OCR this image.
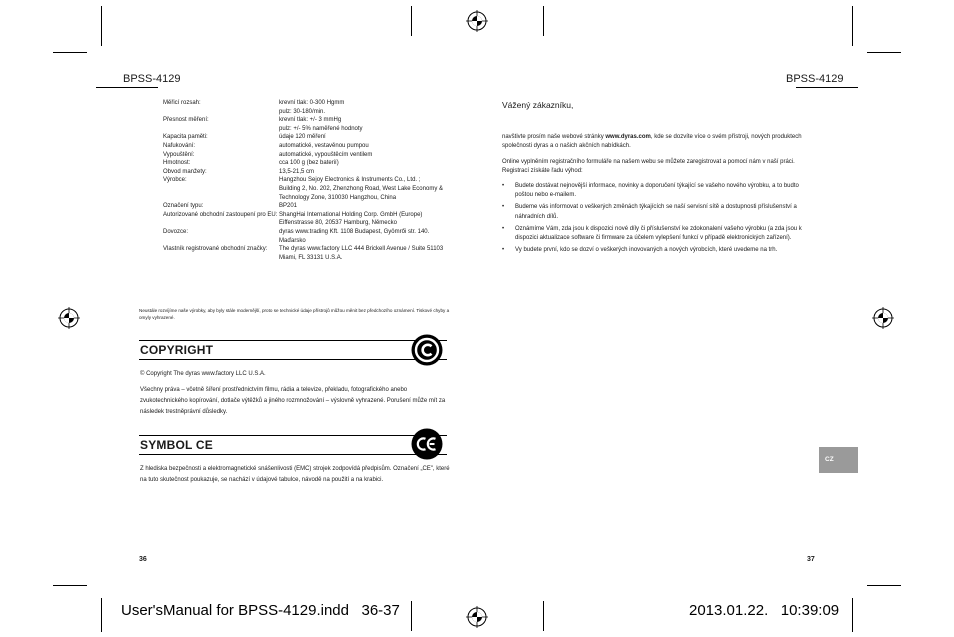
BPSS-4129	BPSS-4129
Měřicí rozsah:	krevní tlak: 0-300 Hgmm
	pulz: 30-180/min.
Přesnost měření:	krevní tlak: +/- 3 mmHg
	pulz: +/- 5% naměřené hodnoty
Kapacita paměti:	údaje 120 měření
Nafukování:	automatické, vestavěnou pumpou
Vypouštění:	automatické, vypouštěcím ventilem
Hmotnost:	cca 100 g (bez baterií)
Obvod manžety:	13,5-21,5 cm
Výrobce:	Hangzhou Sejoy Electronics & Instruments Co., Ltd. ;
	Building 2, No. 202, Zhenzhong Road, West Lake Economy &
	Technology Zone, 310030 Hangzhou, China
Označení typu:	BP201
Autorizované obchodní zastoupení pro EU:	ShangHai International Holding Corp. GmbH (Europe)
	Eiffenstrasse 80, 20537 Hamburg, Německo
Dovozce:	dyras www.trading Kft. 1108 Budapest, Gyömrői str. 140.
	Maďarsko
Vlastník registrované obchodní značky:	The dyras www.factory LLC 444 Brickell Avenue / Suite 51103
	Miami, FL 33131 U.S.A.
Neustále rozvíjíme naše výrobky, aby byly stále modernější, proto se technické údaje přístrojů můžou měnit bez předchozího oznámení. Tiskové chyby a omyly vyhrazené.
COPYRIGHT
© Copyright The dyras www.factory LLC U.S.A.
Všechny práva – včetně šíření prostřednictvím filmu, rádia a televize, překladu, fotografického anebo zvukotechnického kopírování, dotlače výtěžků a jiného rozmnožování – výslovně vyhrazené. Porušení může mít za následek trestněprávní důsledky.
SYMBOL CE
Z hlediska bezpečnosti a elektromagnetické snášenlivosti (EMC) strojek zodpovídá předpisům. Označení „CE", které na tuto skutečnost poukazuje, se nachází v údajové tabulce, návodě na použití a na krabici.
Vážený zákazníku,
navštivte prosím naše webové stránky www.dyras.com, kde se dozvíte více o svém přístroji, nových produktech společnosti dyras a o našich akčních nabídkách.
Online vyplněním registračního formuláře na našem webu se můžete zaregistrovat a pomocí nám v naší práci. Registrací získáte řadu výhod:
• Budete dostávat nejnovější informace, novinky a doporučení týkající se vašeho nového výrobku, a to budto poštou nebo e-mailem.
• Budeme vás informovat o veškerých změnách týkajících se naší servisní sítě a dostupnosti příslušenství a náhradních dílů.
• Oznámíme Vám, zda jsou k dispozici nové díly či příslušenství ke zdokonalení vašeho výrobku (a zda jsou k dispozici aktualizace software či firmware za účelem vylepšení funkcí v případě elektronických zařízení).
• Vy budete první, kdo se dozví o veškerých inovovaných a nových výrobcích, které uvedeme na trh.
CZ
36	37
User'sManual for BPSS-4129.indd   36-37	2013.01.22.   10:39:09
